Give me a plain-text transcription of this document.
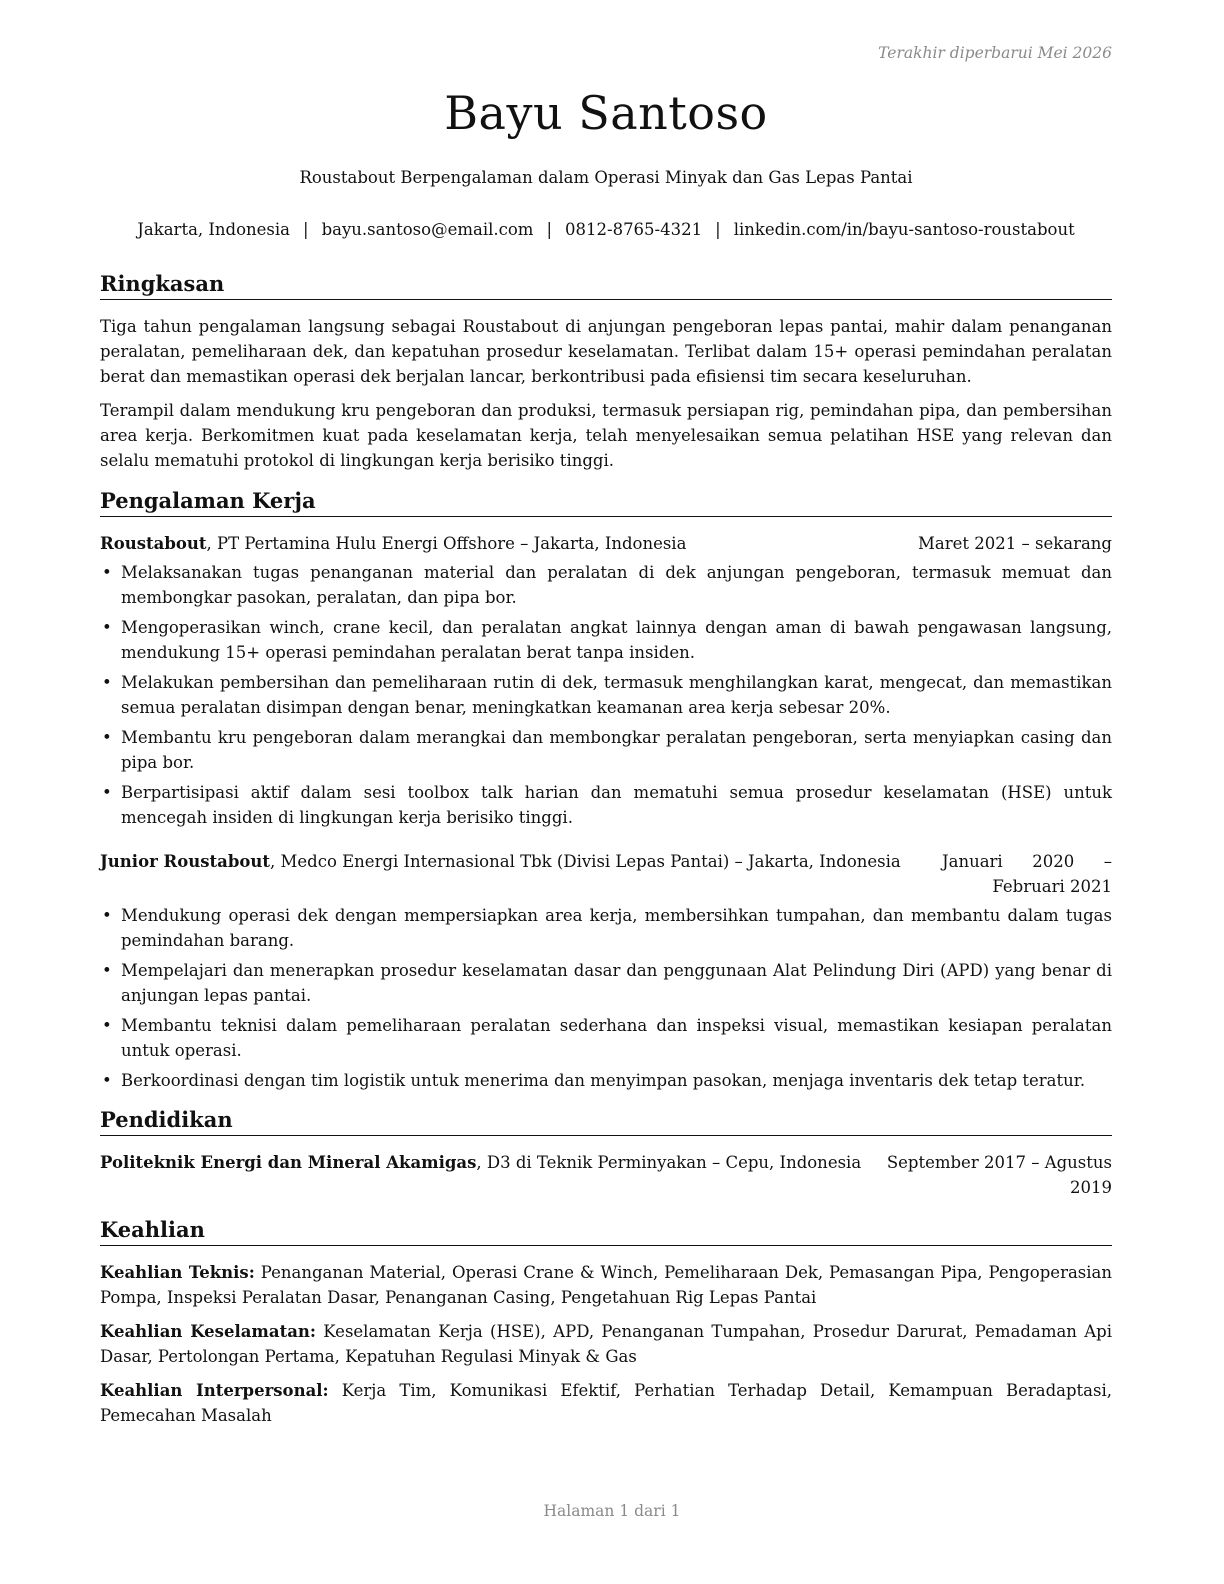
Terakhir diperbarui Mei 2026
Bayu Santoso
Roustabout Berpengalaman dalam Operasi Minyak dan Gas Lepas Pantai
Jakarta, Indonesia | bayu.santoso@email.com | 0812-8765-4321 | linkedin.com/in/bayu-santoso-roustabout
Ringkasan

Tiga tahun pengalaman langsung sebagai Roustabout di anjungan pengeboran lepas pantai, mahir dalam penanganan peralatan, pemeliharaan dek, dan kepatuhan prosedur keselamatan. Terlibat dalam 15+ operasi pemindahan peralatan berat dan memastikan operasi dek berjalan lancar, berkontribusi pada efisiensi tim secara keseluruhan.

Terampil dalam mendukung kru pengeboran dan produksi, termasuk persiapan rig, pemindahan pipa, dan pembersihan area kerja. Berkomitmen kuat pada keselamatan kerja, telah menyelesaikan semua pelatihan HSE yang relevan dan selalu mematuhi protokol di lingkungan kerja berisiko tinggi.

Pengalaman Kerja
Roustabout, PT Pertamina Hulu Energi Offshore – Jakarta, Indonesia	Maret 2021 – sekarang
• Melaksanakan tugas penanganan material dan peralatan di dek anjungan pengeboran, termasuk memuat dan membongkar pasokan, peralatan, dan pipa bor.
• Mengoperasikan winch, crane kecil, dan peralatan angkat lainnya dengan aman di bawah pengawasan langsung, mendukung 15+ operasi pemindahan peralatan berat tanpa insiden.
• Melakukan pembersihan dan pemeliharaan rutin di dek, termasuk menghilangkan karat, mengecat, dan memastikan semua peralatan disimpan dengan benar, meningkatkan keamanan area kerja sebesar 20%.
• Membantu kru pengeboran dalam merangkai dan membongkar peralatan pengeboran, serta menyiapkan casing dan pipa bor.
• Berpartisipasi aktif dalam sesi toolbox talk harian dan mematuhi semua prosedur keselamatan (HSE) untuk mencegah insiden di lingkungan kerja berisiko tinggi.
Junior Roustabout, Medco Energi Internasional Tbk (Divisi Lepas Pantai) – Jakarta, Indonesia	Januari 2020 – Februari 2021
• Mendukung operasi dek dengan mempersiapkan area kerja, membersihkan tumpahan, dan membantu dalam tugas pemindahan barang.
• Mempelajari dan menerapkan prosedur keselamatan dasar dan penggunaan Alat Pelindung Diri (APD) yang benar di anjungan lepas pantai.
• Membantu teknisi dalam pemeliharaan peralatan sederhana dan inspeksi visual, memastikan kesiapan peralatan untuk operasi.
• Berkoordinasi dengan tim logistik untuk menerima dan menyimpan pasokan, menjaga inventaris dek tetap teratur.
Pendidikan
Politeknik Energi dan Mineral Akamigas, D3 di Teknik Perminyakan – Cepu, Indonesia	September 2017 – Agustus 2019
Keahlian
Keahlian Teknis: Penanganan Material, Operasi Crane & Winch, Pemeliharaan Dek, Pemasangan Pipa, Pengoperasian Pompa, Inspeksi Peralatan Dasar, Penanganan Casing, Pengetahuan Rig Lepas Pantai
Keahlian Keselamatan: Keselamatan Kerja (HSE), APD, Penanganan Tumpahan, Prosedur Darurat, Pemadaman Api Dasar, Pertolongan Pertama, Kepatuhan Regulasi Minyak & Gas
Keahlian Interpersonal: Kerja Tim, Komunikasi Efektif, Perhatian Terhadap Detail, Kemampuan Beradaptasi, Pemecahan Masalah
Halaman 1 dari 1
